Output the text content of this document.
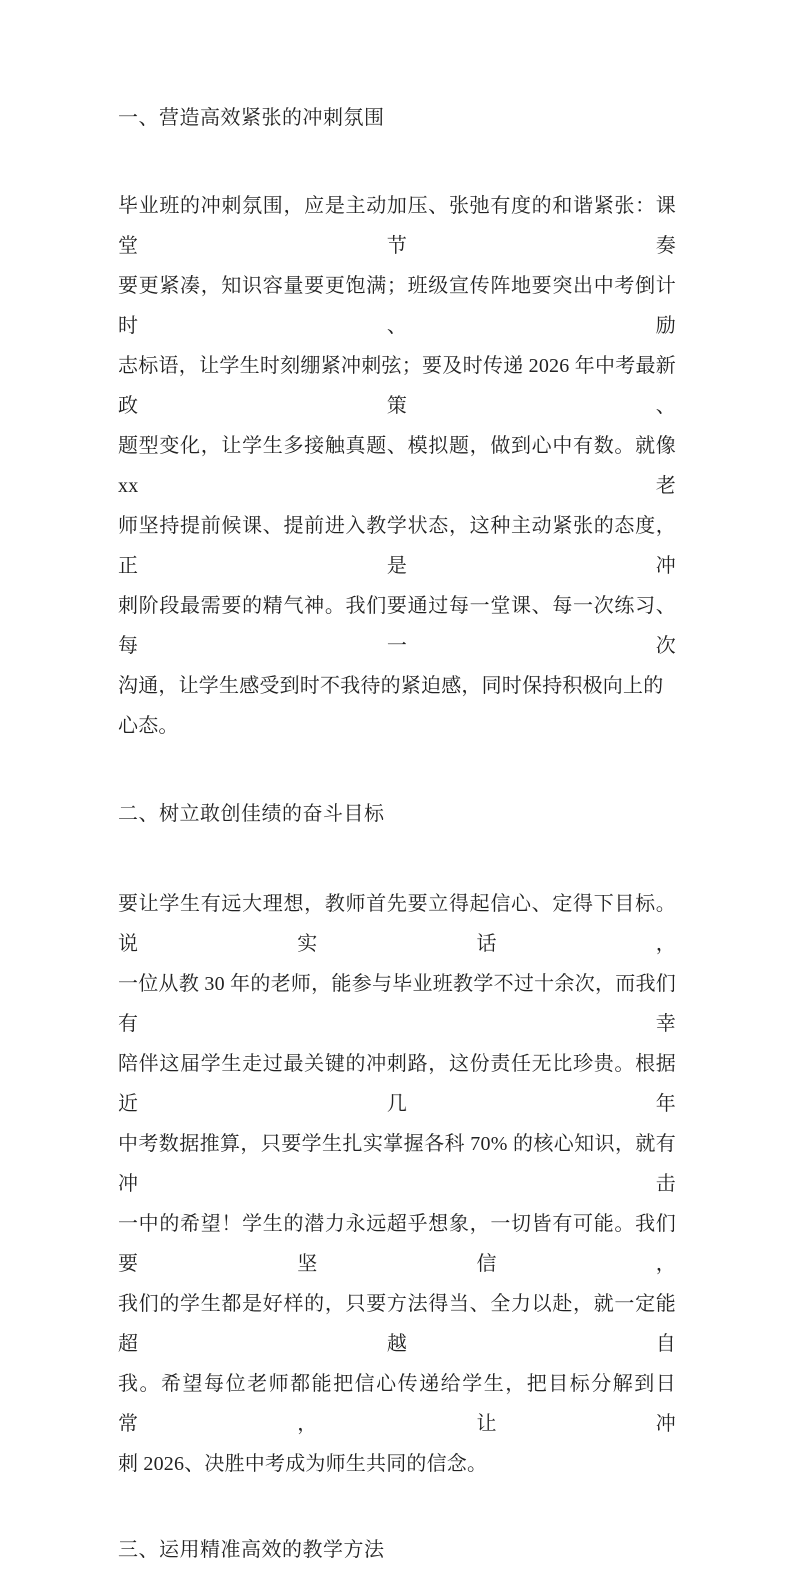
一、营造高效紧张的冲刺氛围
毕业班的冲刺氛围，应是主动加压、张弛有度的和谐紧张：课堂节奏
要更紧凑，知识容量要更饱满；班级宣传阵地要突出中考倒计时、励
志标语，让学生时刻绷紧冲刺弦；要及时传递 2026 年中考最新政策、
题型变化，让学生多接触真题、模拟题，做到心中有数。就像 xx 老
师坚持提前候课、提前进入教学状态，这种主动紧张的态度，正是冲
刺阶段最需要的精气神。我们要通过每一堂课、每一次练习、每一次
沟通，让学生感受到时不我待的紧迫感，同时保持积极向上的心态。
二、树立敢创佳绩的奋斗目标
要让学生有远大理想，教师首先要立得起信心、定得下目标。说实话，
一位从教 30 年的老师，能参与毕业班教学不过十余次，而我们有幸
陪伴这届学生走过最关键的冲刺路，这份责任无比珍贵。根据近几年
中考数据推算，只要学生扎实掌握各科 70% 的核心知识，就有冲击
一中的希望！学生的潜力永远超乎想象，一切皆有可能。我们要坚信，
我们的学生都是好样的，只要方法得当、全力以赴，就一定能超越自
我。希望每位老师都能把信心传递给学生，把目标分解到日常，让冲
刺 2026、决胜中考成为师生共同的信念。
三、运用精准高效的教学方法
